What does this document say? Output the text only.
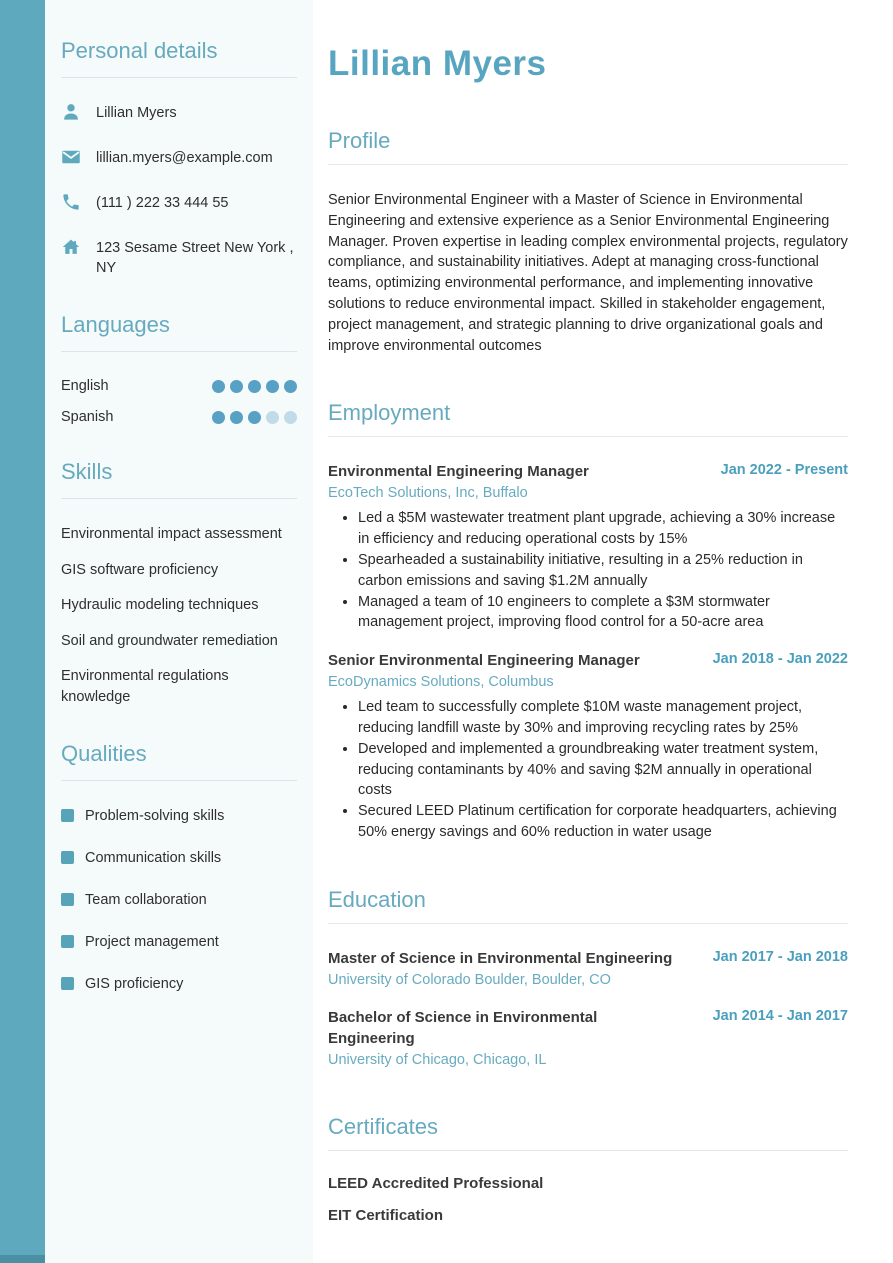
Personal details
Lillian Myers
lillian.myers@example.com
(111 ) 222 33 444 55
123 Sesame Street New York , NY
Languages
English
Spanish
Skills
Environmental impact assessment
GIS software proficiency
Hydraulic modeling techniques
Soil and groundwater remediation
Environmental regulations knowledge
Qualities
Problem-solving skills
Communication skills
Team collaboration
Project management
GIS proficiency
Lillian Myers
Profile

Senior Environmental Engineer with a Master of Science in Environmental Engineering and extensive experience as a Senior Environmental Engineering Manager. Proven expertise in leading complex environmental projects, regulatory compliance, and sustainability initiatives. Adept at managing cross-functional teams, optimizing environmental performance, and implementing innovative solutions to reduce environmental impact. Skilled in stakeholder engagement, project management, and strategic planning to drive organizational goals and improve environmental outcomes

Employment
Environmental Engineering Manager	Jan 2022 - Present
EcoTech Solutions, Inc, Buffalo
• Led a $5M wastewater treatment plant upgrade, achieving a 30% increase in efficiency and reducing operational costs by 15%
• Spearheaded a sustainability initiative, resulting in a 25% reduction in carbon emissions and saving $1.2M annually
• Managed a team of 10 engineers to complete a $3M stormwater management project, improving flood control for a 50-acre area
Senior Environmental Engineering Manager	Jan 2018 - Jan 2022
EcoDynamics Solutions, Columbus
• Led team to successfully complete $10M waste management project, reducing landfill waste by 30% and improving recycling rates by 25%
• Developed and implemented a groundbreaking water treatment system, reducing contaminants by 40% and saving $2M annually in operational costs
• Secured LEED Platinum certification for corporate headquarters, achieving 50% energy savings and 60% reduction in water usage
Education
Master of Science in Environmental Engineering	Jan 2017 - Jan 2018
University of Colorado Boulder, Boulder, CO
Bachelor of Science in Environmental Engineering
Jan 2014 - Jan 2017
University of Chicago, Chicago, IL
Certificates
LEED Accredited Professional
EIT Certification
